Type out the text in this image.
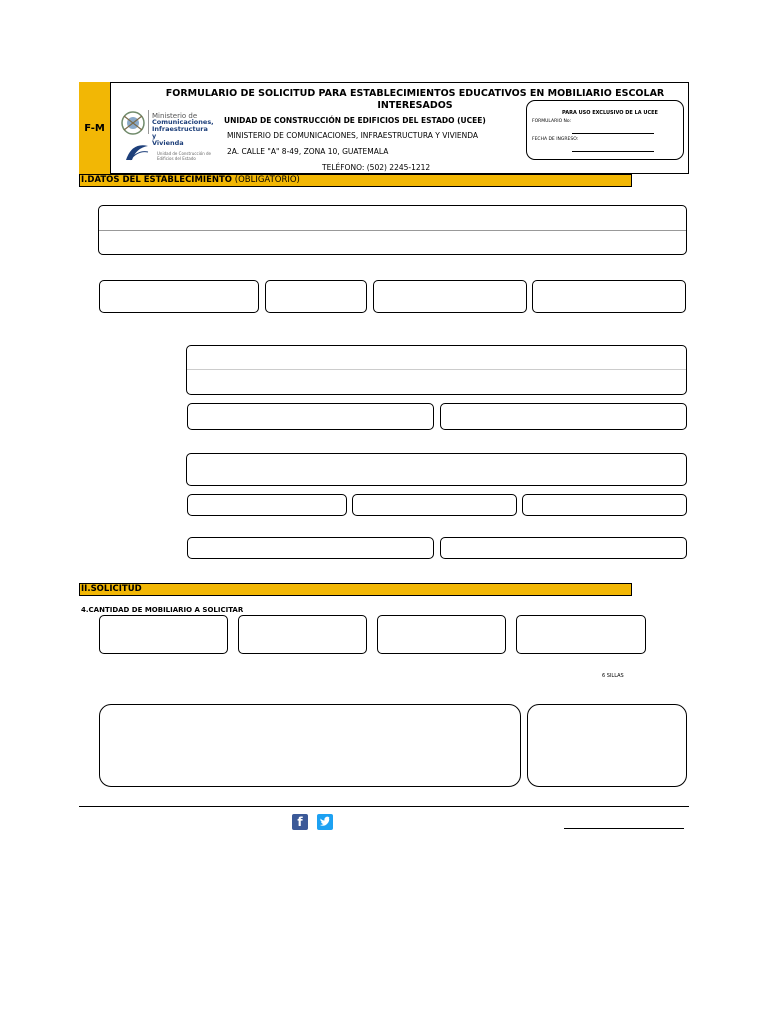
F-M
FORMULARIO DE SOLICITUD PARA ESTABLECIMIENTOS EDUCATIVOS EN MOBILIARIO ESCOLAR
INTERESADOS
Ministerio de
Comunicaciones,
Infraestructura y
Vivienda
Unidad de Construcción de Edificios del Estado
UNIDAD DE CONSTRUCCIÓN DE EDIFICIOS DEL ESTADO (UCEE)
MINISTERIO DE COMUNICACIONES, INFRAESTRUCTURA Y VIVIENDA
2A. CALLE "A" 8-49, ZONA 10, GUATEMALA
TELÉFONO: (502) 2245-1212
PARA USO EXCLUSIVO DE LA UCEE
FORMULARIO No:
FECHA DE INGRESO:
I.DATOS DEL ESTABLECIMIENTO (OBLIGATORIO)
II.SOLICITUD
4.CANTIDAD DE MOBILIARIO A SOLICITAR
6 SILLAS
f
